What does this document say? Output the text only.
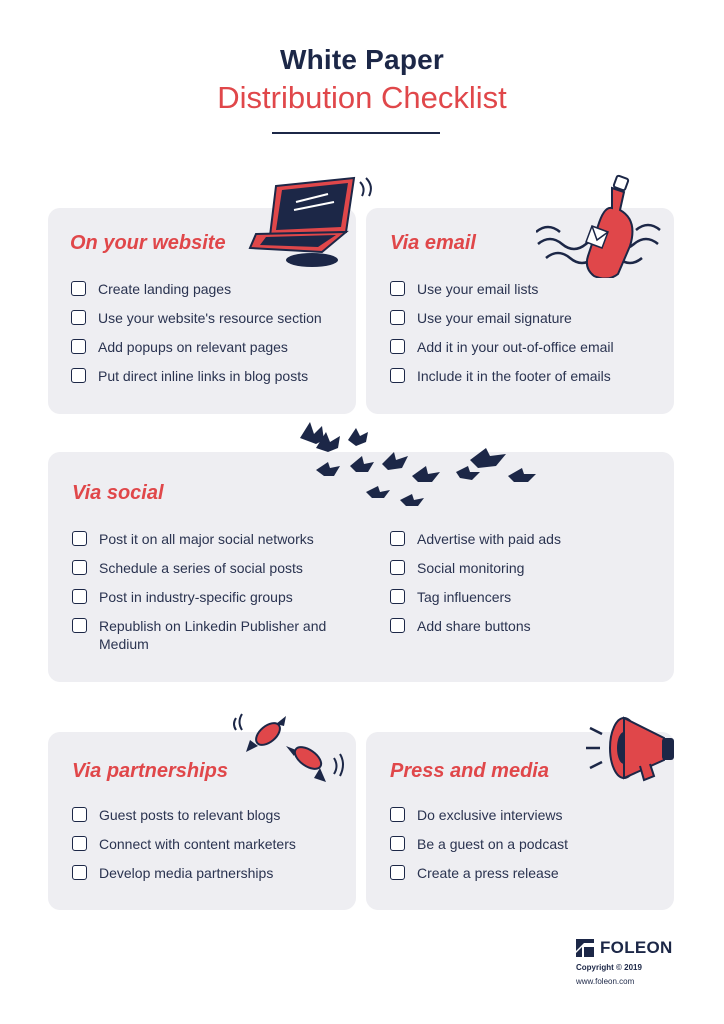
White Paper
Distribution Checklist
On your website
Create landing pages
Use your website's resource section
Add popups on relevant pages
Put direct inline links in blog posts
Via email
Use your email lists
Use your email signature
Add it in your out-of-office email
Include it in the footer of emails
Via social
Post it on all major social networks
Schedule a series of social posts
Post in industry-specific groups
Republish on Linkedin Publisher and Medium
Advertise with paid ads
Social monitoring
Tag influencers
Add share buttons
Via partnerships
Guest posts to relevant blogs
Connect with content marketers
Develop media partnerships
Press and media
Do exclusive interviews
Be a guest on a podcast
Create a press release
FOLEON
Copyright © 2019
www.foleon.com
